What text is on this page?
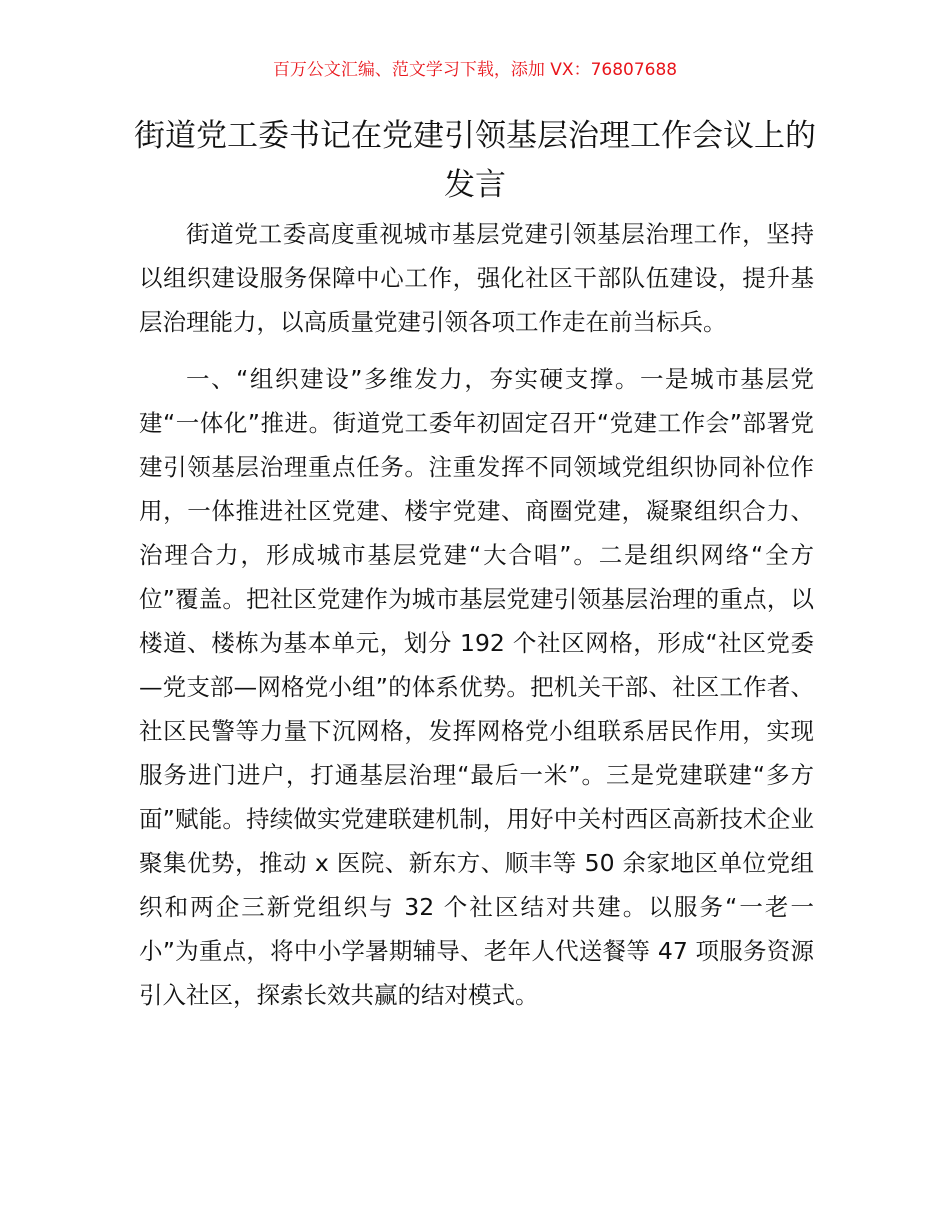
百万公文汇编、范文学习下载，添加 VX：76807688
街道党工委书记在党建引领基层治理工作会议上的发言

街道党工委高度重视城市基层党建引领基层治理工作，坚持以组织建设服务保障中心工作，强化社区干部队伍建设，提升基层治理能力，以高质量党建引领各项工作走在前当标兵。

一、“组织建设”多维发力，夯实硬支撑。一是城市基层党建“一体化”推进。街道党工委年初固定召开“党建工作会”部署党建引领基层治理重点任务。注重发挥不同领域党组织协同补位作用，一体推进社区党建、楼宇党建、商圈党建，凝聚组织合力、治理合力，形成城市基层党建“大合唱”。二是组织网络“全方位”覆盖。把社区党建作为城市基层党建引领基层治理的重点，以楼道、楼栋为基本单元，划分 192 个社区网格，形成“社区党委—党支部—网格党小组”的体系优势。把机关干部、社区工作者、社区民警等力量下沉网格，发挥网格党小组联系居民作用，实现服务进门进户，打通基层治理“最后一米”。三是党建联建“多方面”赋能。持续做实党建联建机制，用好中关村西区高新技术企业聚集优势，推动 x 医院、新东方、顺丰等 50 余家地区单位党组织和两企三新党组织与 32 个社区结对共建。以服务“一老一小”为重点，将中小学暑期辅导、老年人代送餐等 47 项服务资源引入社区，探索长效共赢的结对模式。
